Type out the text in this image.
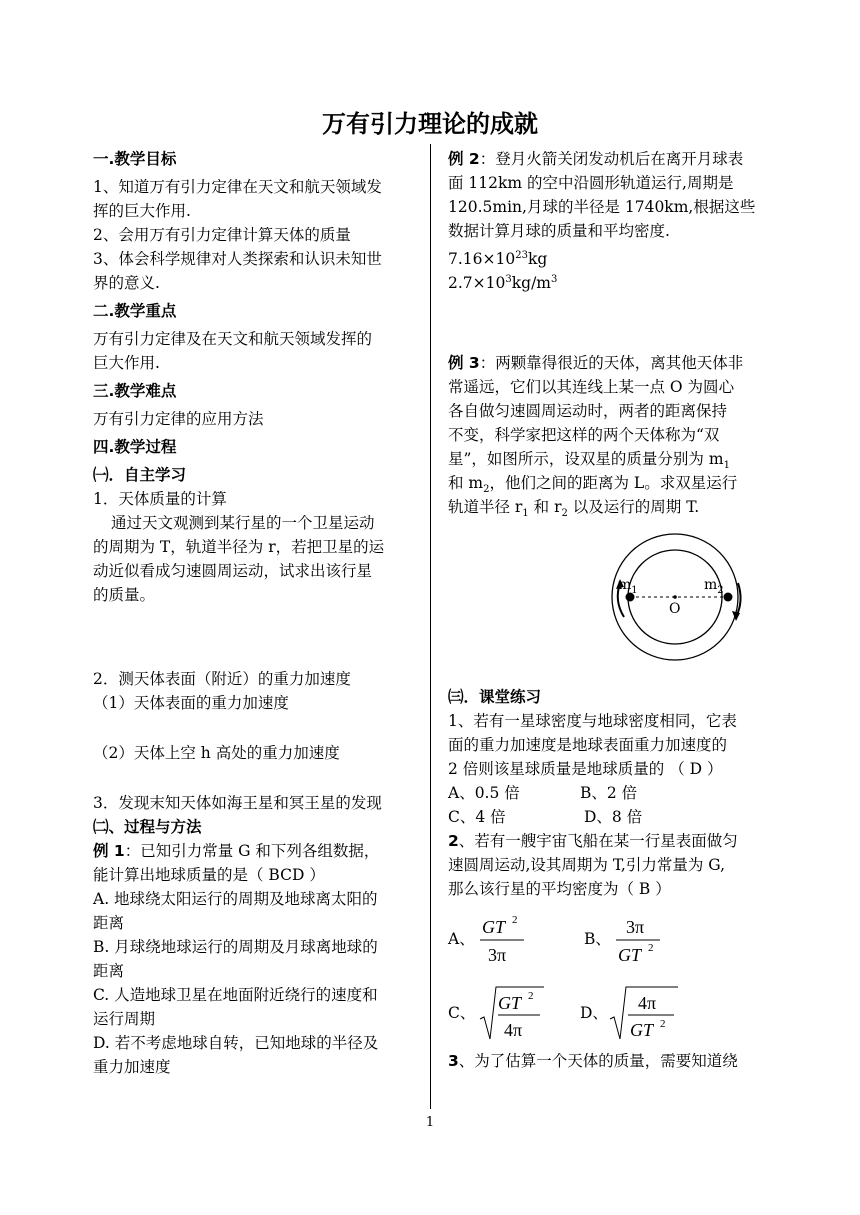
万有引力理论的成就
一.教学目标
1、知道万有引力定律在天文和航天领域发
挥的巨大作用.
2、会用万有引力定律计算天体的质量
3、体会科学规律对人类探索和认识未知世
界的意义.
二.教学重点
万有引力定律及在天文和航天领域发挥的
巨大作用.
三.教学难点
万有引力定律的应用方法
四.教学过程
㈠．自主学习
1．天体质量的计算
通过天文观测到某行星的一个卫星运动
的周期为 T，轨道半径为 r，若把卫星的运
动近似看成匀速圆周运动，试求出该行星
的质量。
2．测天体表面（附近）的重力加速度
（1）天体表面的重力加速度
（2）天体上空 h 高处的重力加速度
3．发现末知天体如海王星和冥王星的发现
㈡、过程与方法
例 1：已知引力常量 G 和下列各组数据，
能计算出地球质量的是（ BCD ）
A. 地球绕太阳运行的周期及地球离太阳的
距离
B. 月球绕地球运行的周期及月球离地球的
距离
C. 人造地球卫星在地面附近绕行的速度和
运行周期
D. 若不考虑地球自转，已知地球的半径及
重力加速度
例 2：登月火箭关闭发动机后在离开月球表
面 112km 的空中沿圆形轨道运行,周期是
120.5min,月球的半径是 1740km,根据这些
数据计算月球的质量和平均密度.
$7.16\times 10^{23}kg$
$2.7\times 10^3kg/m^3$
例 3：两颗靠得很近的天体，离其他天体非
常遥远，它们以其连线上某一点 O 为圆心
各自做匀速圆周运动时，两者的距离保持
不变，科学家把这样的两个天体称为“双
星”，如图所示，设双星的质量分别为 $m_1$
和 $m_2$，他们之间的距离为 L。求双星运行
轨道半径 $r_1$ 和 $r_2$ 以及运行的周期 T.
$m_1$	$m_2$
O
㈢．课堂练习
1、若有一星球密度与地球密度相同，它表
面的重力加速度是地球表面重力加速度的
2 倍则该星球质量是地球质量的 （ D ）
A、0.5 倍	B、2 倍
C、4 倍	D、8 倍
2、若有一艘宇宙飞船在某一行星表面做匀
速圆周运动,设其周期为 T,引力常量为 G,
那么该行星的平均密度为（ B ）
A、
GT 2
3π
B、
3π
GT 2
C、 GT 2
4π
D、 4π
GT 2
3、为了估算一个天体的质量，需要知道绕
1
